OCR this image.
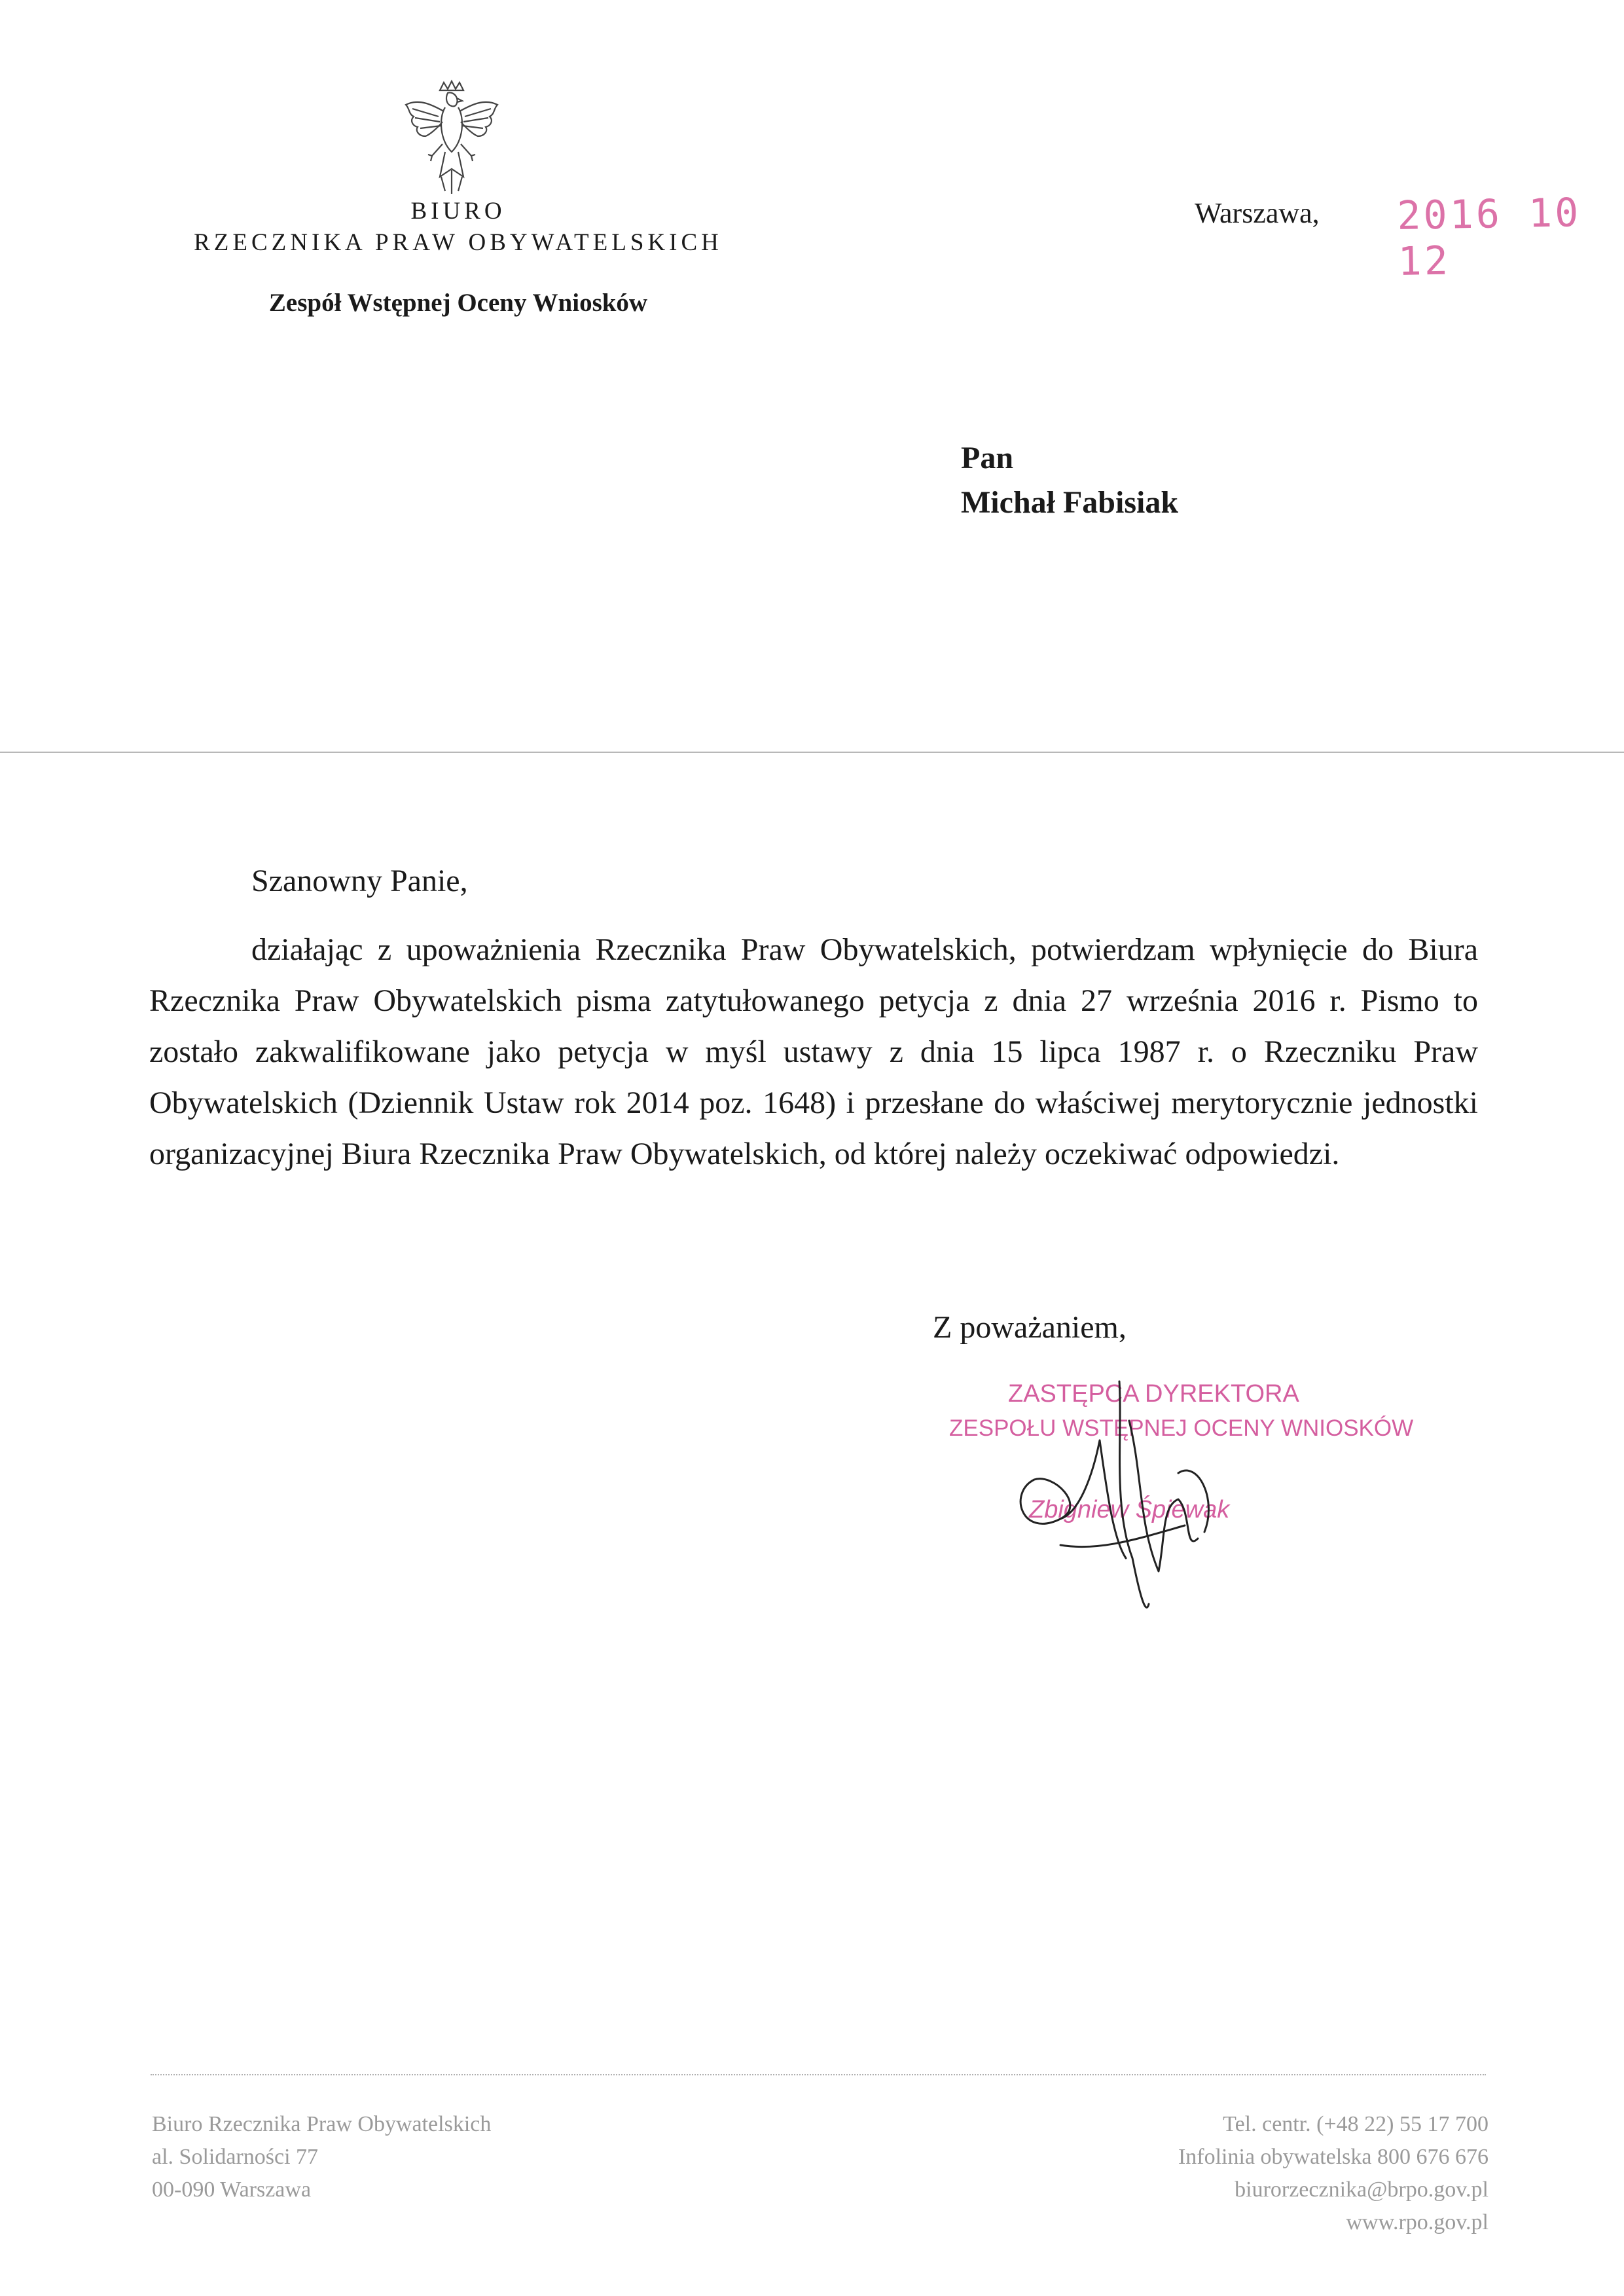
BIURO
RZECZNIKA PRAW OBYWATELSKICH
Zespół Wstępnej Oceny Wniosków
Warszawa, 2016 10 12
Pan
Michał Fabisiak
Szanowny Panie,

działając z upoważnienia Rzecznika Praw Obywatelskich, potwierdzam wpłynięcie do Biura Rzecznika Praw Obywatelskich pisma zatytułowanego petycja z dnia 27 września 2016 r. Pismo to zostało zakwalifikowane jako petycja w myśl ustawy z dnia 15 lipca 1987 r. o Rzeczniku Praw Obywatelskich (Dziennik Ustaw rok 2014 poz. 1648) i przesłane do właściwej merytorycznie jednostki organizacyjnej Biura Rzecznika Praw Obywatelskich, od której należy oczekiwać odpowiedzi.

Z poważaniem,
ZASTĘPCA DYREKTORA
ZESPOŁU WSTĘPNEJ OCENY WNIOSKÓW
Zbigniew Śpiewak
Biuro Rzecznika Praw Obywatelskich
al. Solidarności 77
00-090 Warszawa
Tel. centr. (+48 22) 55 17 700
Infolinia obywatelska 800 676 676
biurorzecznika@brpo.gov.pl
www.rpo.gov.pl
